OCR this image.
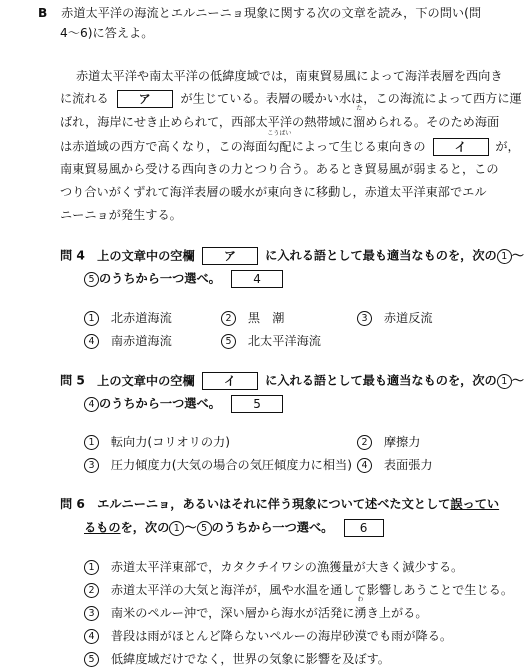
B 赤道太平洋の海流とエルニーニョ現象に関する次の文章を読み，下の問い(問
4～6)に答えよ。
赤道太平洋や南太平洋の低緯度域では，南東貿易風によって海洋表層を西向き
に流れる ア が生じている。表層の暖かい水は，この海流によって西方に運
ばれ，海岸にせき止められて，西部太平洋の熱帯域に
た
溜められる。そのため海面
は赤道域の西方で高くなり，この海面
こうばい
勾配によって生じる東向きの イ が，
南東貿易風から受ける西向きの力とつり合う。あるとき貿易風が弱まると，この
つり合いがくずれて海洋表層の暖水が東向きに移動し，赤道太平洋東部でエル
ニーニョが発生する。
問 4 上の文章中の空欄 ア に入れる語として最も適当なものを，次の 1 ～
5 のうちから一つ選べ。	4
1 北赤道海流	2 黒　潮	3 赤道反流
4 南赤道海流	5 北太平洋海流
問 5 上の文章中の空欄 イ に入れる語として最も適当なものを，次の 1 ～
4 のうちから一つ選べ。	5
1 転向力(コリオリの力)	2 摩擦力
3 圧力傾度力(大気の場合の気圧傾度力に相当)	4 表面張力
問 6 エルニーニョ，あるいはそれに伴う現象について述べた文として誤ってい
るものを，次の 1 ～ 5 のうちから一つ選べ。 6
1 赤道太平洋東部で，カタクチイワシの漁獲量が大きく減少する。
2 赤道太平洋の大気と海洋が，風や水温を通して影響しあうことで生じる。
3 南米のペルー沖で，深い層から海水が活発に
わ
湧き上がる。
4 普段は雨がほとんど降らないペルーの海岸砂漠でも雨が降る。
5 低緯度域だけでなく，世界の気象に影響を及ぼす。
